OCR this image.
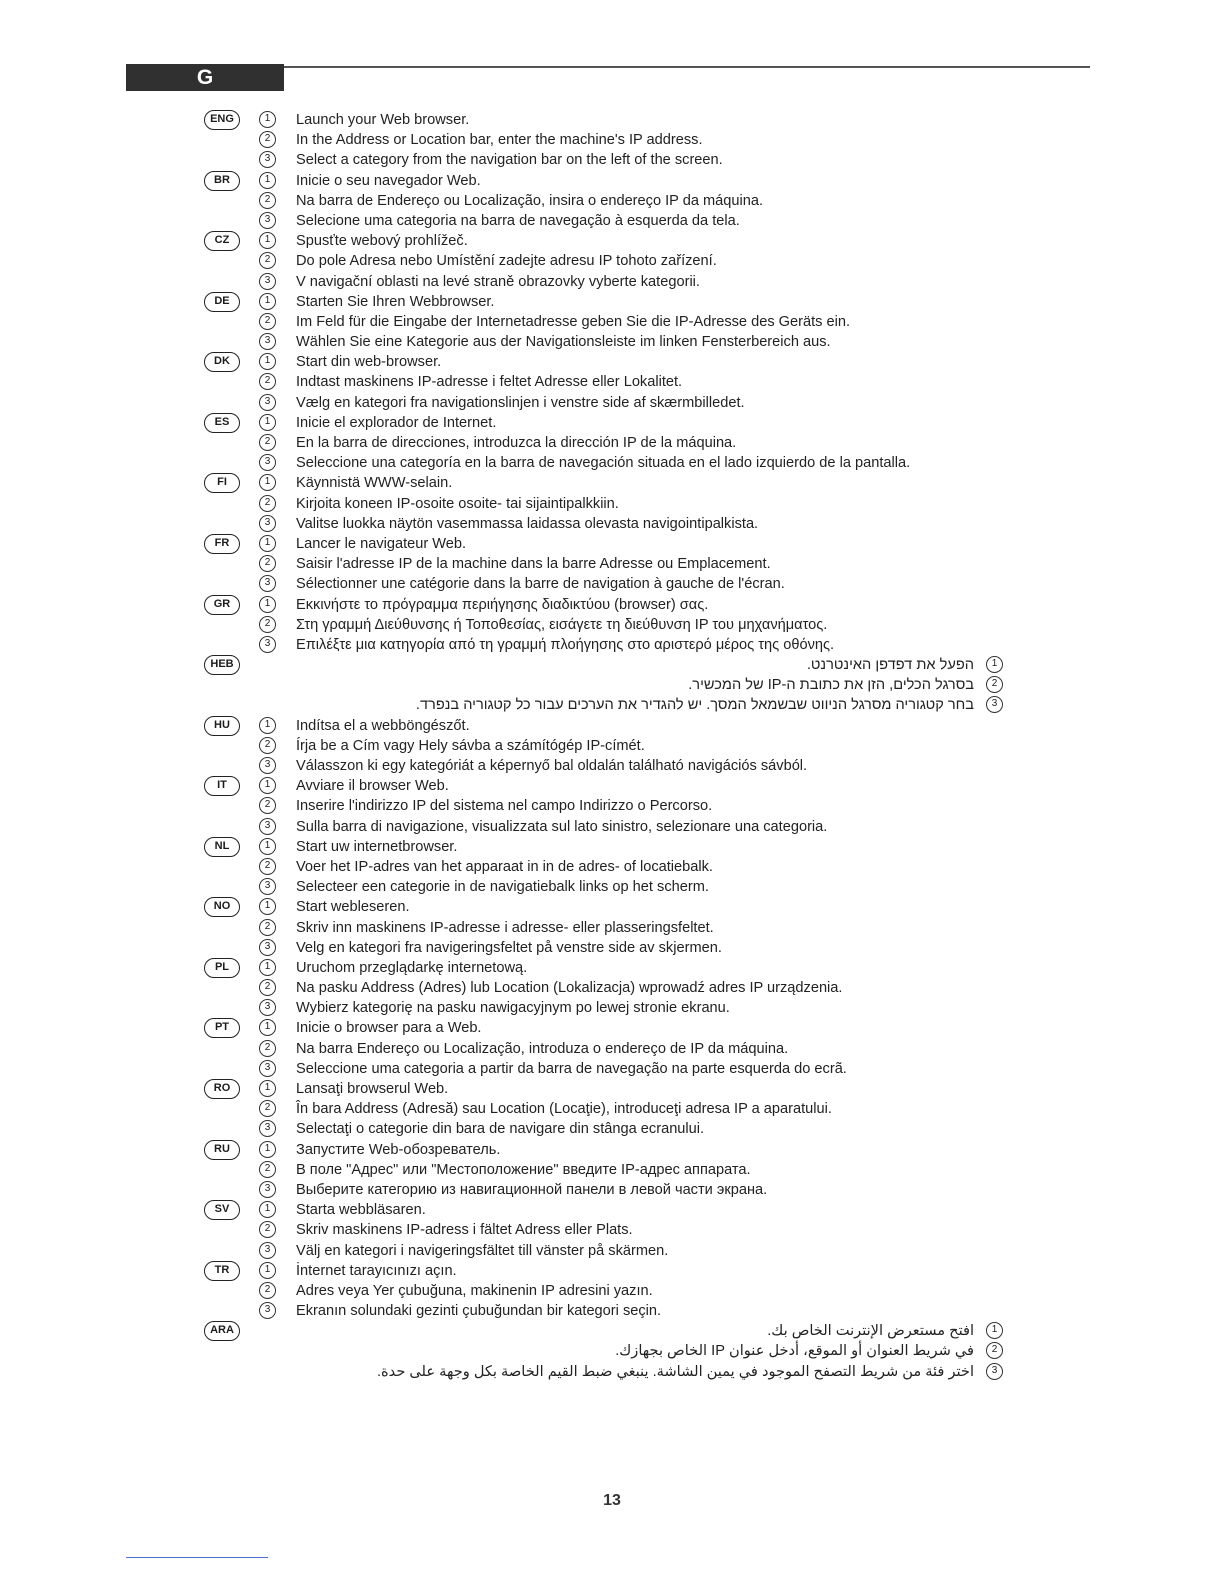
G
ENG	1	Launch your Web browser.
2	In the Address or Location bar, enter the machine's IP address.
3	Select a category from the navigation bar on the left of the screen.
BR	1	Inicie o seu navegador Web.
2	Na barra de Endereço ou Localização, insira o endereço IP da máquina.
3	Selecione uma categoria na barra de navegação à esquerda da tela.
CZ	1	Spusťte webový prohlížeč.
2	Do pole Adresa nebo Umístění zadejte adresu IP tohoto zařízení.
3	V navigační oblasti na levé straně obrazovky vyberte kategorii.
DE	1	Starten Sie Ihren Webbrowser.
2	Im Feld für die Eingabe der Internetadresse geben Sie die IP-Adresse des Geräts ein.
3	Wählen Sie eine Kategorie aus der Navigationsleiste im linken Fensterbereich aus.
DK	1	Start din web-browser.
2	Indtast maskinens IP-adresse i feltet Adresse eller Lokalitet.
3	Vælg en kategori fra navigationslinjen i venstre side af skærmbilledet.
ES	1	Inicie el explorador de Internet.
2	En la barra de direcciones, introduzca la dirección IP de la máquina.
3	Seleccione una categoría en la barra de navegación situada en el lado izquierdo de la pantalla.
FI	1	Käynnistä WWW-selain.
2	Kirjoita koneen IP-osoite osoite- tai sijaintipalkkiin.
3	Valitse luokka näytön vasemmassa laidassa olevasta navigointipalkista.
FR	1	Lancer le navigateur Web.
2	Saisir l'adresse IP de la machine dans la barre Adresse ou Emplacement.
3	Sélectionner une catégorie dans la barre de navigation à gauche de l'écran.
GR	1	Εκκινήστε το πρόγραμμα περιήγησης διαδικτύου (browser) σας.
2	Στη γραμμή Διεύθυνσης ή Τοποθεσίας, εισάγετε τη διεύθυνση IP του μηχανήματος.
3	Επιλέξτε μια κατηγορία από τη γραμμή πλοήγησης στο αριστερό μέρος της οθόνης.
HEB	1
הפעל את דפדפן האינטרנט.
2
בסרגל הכלים, הזן את כתובת ה-IP של המכשיר.
3
בחר קטגוריה מסרגל הניווט שבשמאל המסך. יש להגדיר את הערכים עבור כל קטגוריה בנפרד.
HU	1	Indítsa el a webböngészőt.
2	Írja be a Cím vagy Hely sávba a számítógép IP-címét.
3	Válasszon ki egy kategóriát a képernyő bal oldalán található navigációs sávból.
IT	1	Avviare il browser Web.
2	Inserire l'indirizzo IP del sistema nel campo Indirizzo o Percorso.
3	Sulla barra di navigazione, visualizzata sul lato sinistro, selezionare una categoria.
NL	1	Start uw internetbrowser.
2	Voer het IP-adres van het apparaat in in de adres- of locatiebalk.
3	Selecteer een categorie in de navigatiebalk links op het scherm.
NO	1	Start webleseren.
2	Skriv inn maskinens IP-adresse i adresse- eller plasseringsfeltet.
3	Velg en kategori fra navigeringsfeltet på venstre side av skjermen.
PL	1	Uruchom przeglądarkę internetową.
2	Na pasku Address (Adres) lub Location (Lokalizacja) wprowadź adres IP urządzenia.
3	Wybierz kategorię na pasku nawigacyjnym po lewej stronie ekranu.
PT	1	Inicie o browser para a Web.
2	Na barra Endereço ou Localização, introduza o endereço de IP da máquina.
3	Seleccione uma categoria a partir da barra de navegação na parte esquerda do ecrã.
RO	1	Lansaţi browserul Web.
2	În bara Address (Adresă) sau Location (Locaţie), introduceţi adresa IP a aparatului.
3	Selectaţi o categorie din bara de navigare din stânga ecranului.
RU	1	Запустите Web-обозреватель.
2	В поле "Адрес" или "Местоположение" введите IP-адрес аппарата.
3	Выберите категорию из навигационной панели в левой части экрана.
SV	1	Starta webbläsaren.
2	Skriv maskinens IP-adress i fältet Adress eller Plats.
3	Välj en kategori i navigeringsfältet till vänster på skärmen.
TR	1	İnternet tarayıcınızı açın.
2	Adres veya Yer çubuğuna, makinenin IP adresini yazın.
3	Ekranın solundaki gezinti çubuğundan bir kategori seçin.
ARA	1
افتح مستعرض الإنترنت الخاص بك.
2
في شريط العنوان أو الموقع، أدخل عنوان IP الخاص بجهازك.
3
اختر فئة من شريط التصفح الموجود في يمين الشاشة. ينبغي ضبط القيم الخاصة بكل وجهة على حدة.
13
